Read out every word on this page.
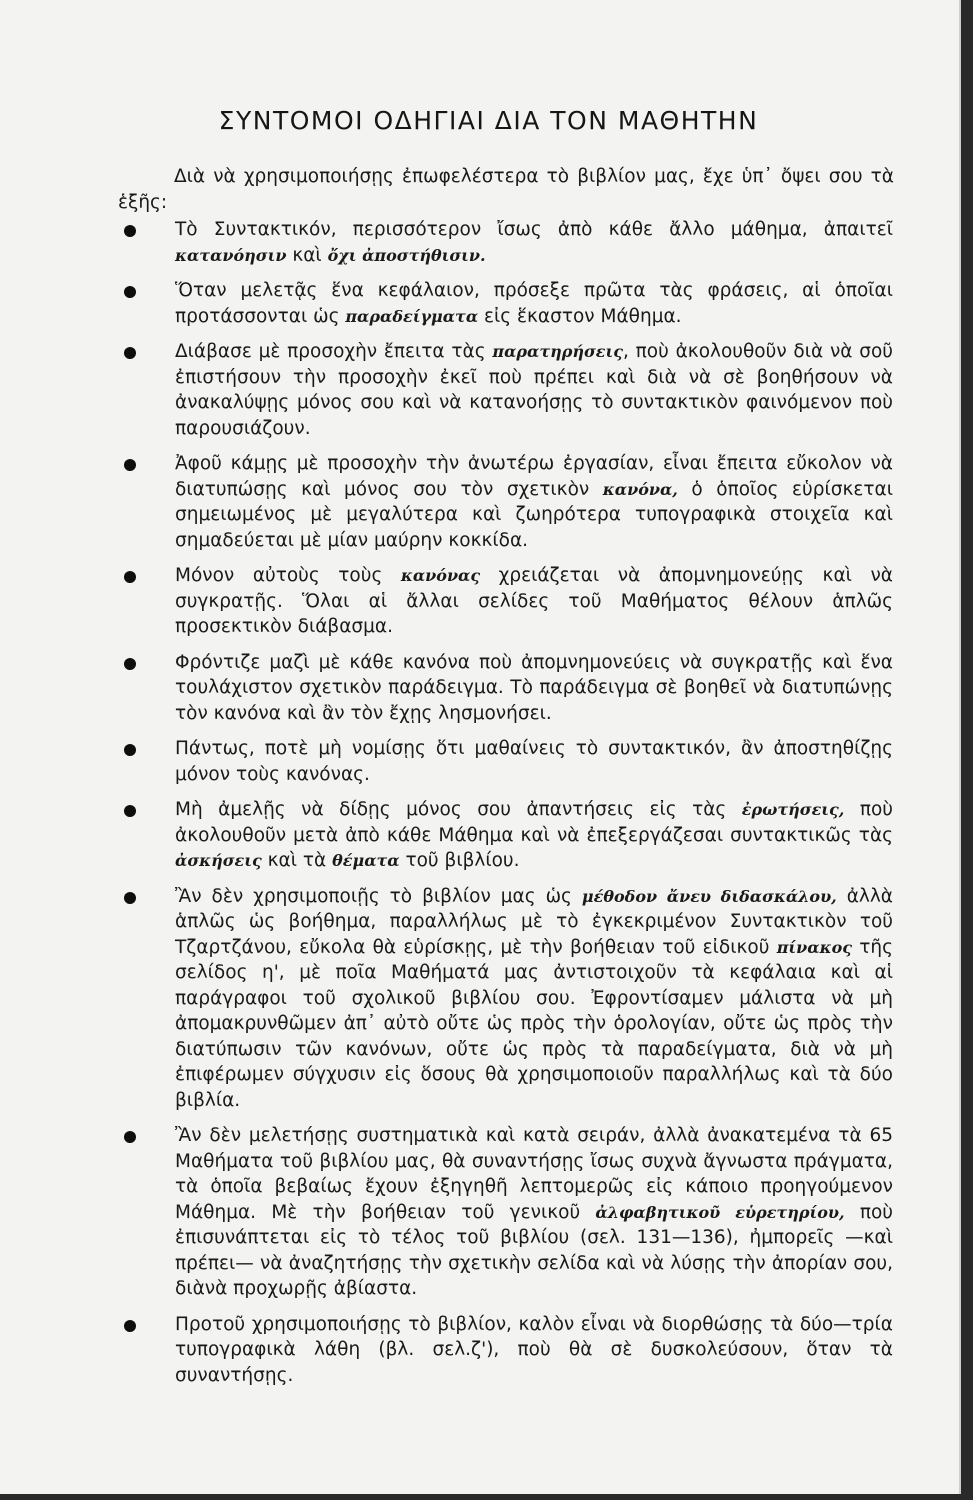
ΣΥΝΤΟΜΟΙ ΟΔΗΓΙΑΙ ΔΙΑ ΤΟΝ ΜΑΘΗΤΗΝ

Διὰ νὰ χρησιμοποιήσῃς ἐπωφελέστερα τὸ βιβλίον μας, ἔχε ὑπ᾽ ὄψει σου τὰ ἑξῆς:

Τὸ Συντακτικόν, περισσότερον ἴσως ἀπὸ κάθε ἄλλο μάθημα, ἀπαιτεῖ κατανόησιν καὶ ὄχι ἀποστήθισιν.

Ὅταν μελετᾷς ἕνα κεφάλαιον, πρόσεξε πρῶτα τὰς φράσεις, αἱ ὁποῖαι προτάσσονται ὡς παραδείγματα εἰς ἕκαστον Μάθημα.

Διάβασε μὲ προσοχὴν ἔπειτα τὰς παρατηρήσεις, ποὺ ἀκολουθοῦν διὰ νὰ σοῦ ἐπιστήσουν τὴν προσοχὴν ἐκεῖ ποὺ πρέπει καὶ διὰ νὰ σὲ βοηθήσουν νὰ ἀνακαλύψῃς μόνος σου καὶ νὰ κατανοήσῃς τὸ συντακτικὸν φαινόμενον ποὺ παρουσιάζουν.

Ἀφοῦ κάμῃς μὲ προσοχὴν τὴν ἀνωτέρω ἐργασίαν, εἶναι ἔπειτα εὔκολον νὰ διατυπώσῃς καὶ μόνος σου τὸν σχετικὸν κανόνα, ὁ ὁποῖος εὑρίσκεται σημειωμένος μὲ μεγαλύτερα καὶ ζωηρότερα τυπογραφικὰ στοιχεῖα καὶ σημαδεύεται μὲ μίαν μαύρην κοκκίδα.

Μόνον αὐτοὺς τοὺς κανόνας χρειάζεται νὰ ἀπομνημονεύῃς καὶ νὰ συγκρατῇς. Ὅλαι αἱ ἄλλαι σελίδες τοῦ Μαθήματος θέλουν ἁπλῶς προσεκτικὸν διάβασμα.

Φρόντιζε μαζὶ μὲ κάθε κανόνα ποὺ ἀπομνημονεύεις νὰ συγκρατῇς καὶ ἕνα τουλάχιστον σχετικὸν παράδειγμα. Τὸ παράδειγμα σὲ βοηθεῖ νὰ διατυπώνῃς τὸν κανόνα καὶ ἂν τὸν ἔχῃς λησμονήσει.

Πάντως, ποτὲ μὴ νομίσῃς ὅτι μαθαίνεις τὸ συντακτικόν, ἂν ἀποστηθίζῃς μόνον τοὺς κανόνας.

Μὴ ἀμελῇς νὰ δίδῃς μόνος σου ἀπαντήσεις εἰς τὰς ἐρωτήσεις, ποὺ ἀκολουθοῦν μετὰ ἀπὸ κάθε Μάθημα καὶ νὰ ἐπεξεργάζεσαι συντακτικῶς τὰς ἀσκήσεις καὶ τὰ θέματα τοῦ βιβλίου.

Ἂν δὲν χρησιμοποιῇς τὸ βιβλίον μας ὡς μέθοδον ἄνευ διδασκάλου, ἀλλὰ ἁπλῶς ὡς βοήθημα, παραλλήλως μὲ τὸ ἐγκεκριμένον Συντακτικὸν τοῦ Τζαρτζάνου, εὔκολα θὰ εὑρίσκῃς, μὲ τὴν βοήθειαν τοῦ εἰδικοῦ πίνακος τῆς σελίδος η', μὲ ποῖα Μαθήματά μας ἀντιστοιχοῦν τὰ κεφάλαια καὶ αἱ παράγραφοι τοῦ σχολικοῦ βιβλίου σου. Ἐφροντίσαμεν μάλιστα νὰ μὴ ἀπομακρυνθῶμεν ἀπ᾽ αὐτὸ οὔτε ὡς πρὸς τὴν ὁρολογίαν, οὔτε ὡς πρὸς τὴν διατύπωσιν τῶν κανόνων, οὔτε ὡς πρὸς τὰ παραδείγματα, διὰ νὰ μὴ ἐπιφέρωμεν σύγχυσιν εἰς ὅσους θὰ χρησιμοποιοῦν παραλλήλως καὶ τὰ δύο βιβλία.

Ἂν δὲν μελετήσῃς συστηματικὰ καὶ κατὰ σειράν, ἀλλὰ ἀνακατεμένα τὰ 65 Μαθήματα τοῦ βιβλίου μας, θὰ συναντήσῃς ἴσως συχνὰ ἄγνωστα πράγματα, τὰ ὁποῖα βεβαίως ἔχουν ἐξηγηθῆ λεπτομερῶς εἰς κάποιο προηγούμενον Μάθημα. Μὲ τὴν βοήθειαν τοῦ γενικοῦ ἀλφαβητικοῦ εὑρετηρίου, ποὺ ἐπισυνάπτεται εἰς τὸ τέλος τοῦ βιβλίου (σελ. 131—136), ἠμπορεῖς —καὶ πρέπει— νὰ ἀναζητήσῃς τὴν σχετικὴν σελίδα καὶ νὰ λύσῃς τὴν ἀπορίαν σου, διὰνὰ προχωρῇς ἀβίαστα.

Προτοῦ χρησιμοποιήσῃς τὸ βιβλίον, καλὸν εἶναι νὰ διορθώσῃς τὰ δύο—τρία τυπογραφικὰ λάθη (βλ. σελ.ζ'), ποὺ θὰ σὲ δυσκολεύσουν, ὅταν τὰ συναντήσῃς.
